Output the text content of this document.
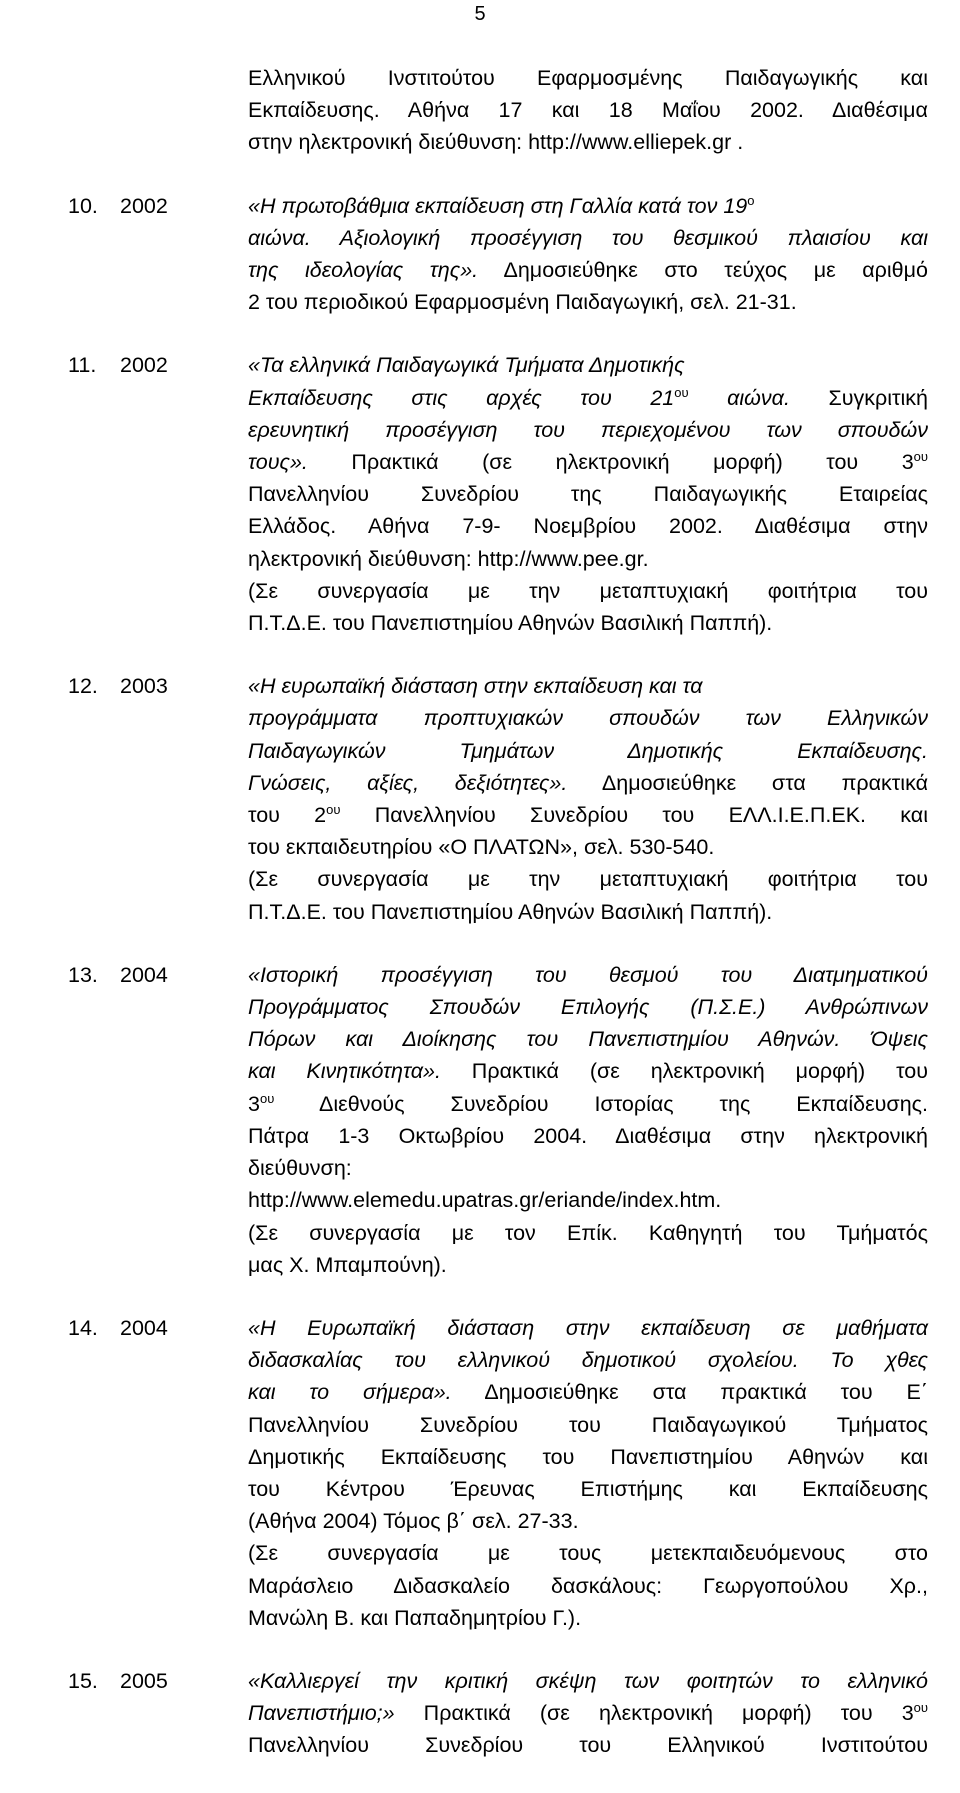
5
Ελληνικού Ινστιτούτου Εφαρμοσμένης Παιδαγωγικής και
Εκπαίδευσης. Αθήνα 17 και 18 Μαΐου 2002. Διαθέσιμα
στην ηλεκτρονική διεύθυνση: http://www.elliepek.gr .
10.	2002	«Η πρωτοβάθμια εκπαίδευση στη Γαλλία κατά τον $19^o$
αιώνα. Αξιολογική προσέγγιση του θεσμικού πλαισίου και
της ιδεολογίας της». Δημοσιεύθηκε στο τεύχος με αριθμό
2 του περιοδικού Εφαρμοσμένη Παιδαγωγική, σελ. 21-31.
11.	2002	«Τα ελληνικά Παιδαγωγικά Τμήματα Δημοτικής
Εκπαίδευσης στις αρχές του $21^{o\upsilon}$ αιώνα. Συγκριτική
ερευνητική προσέγγιση του περιεχομένου των σπουδών
τους». Πρακτικά (σε ηλεκτρονική μορφή) του $3^{o\upsilon}$
Πανελληνίου Συνεδρίου της Παιδαγωγικής Εταιρείας
Ελλάδος. Αθήνα 7-9- Νοεμβρίου 2002. Διαθέσιμα στην
ηλεκτρονική διεύθυνση: http://www.pee.gr.
(Σε συνεργασία με την μεταπτυχιακή φοιτήτρια του
Π.Τ.Δ.Ε. του Πανεπιστημίου Αθηνών Βασιλική Παππή).
12.	2003	«Η ευρωπαϊκή διάσταση στην εκπαίδευση και τα
προγράμματα προπτυχιακών σπουδών των Ελληνικών
Παιδαγωγικών Τμημάτων Δημοτικής Εκπαίδευσης.
Γνώσεις, αξίες, δεξιότητες». Δημοσιεύθηκε στα πρακτικά
του $2^{o\upsilon}$ Πανελληνίου Συνεδρίου του ΕΛΛ.Ι.Ε.Π.ΕΚ. και
του εκπαιδευτηρίου «Ο ΠΛΑΤΩΝ», σελ. 530-540.
(Σε συνεργασία με την μεταπτυχιακή φοιτήτρια του
Π.Τ.Δ.Ε. του Πανεπιστημίου Αθηνών Βασιλική Παππή).
13.	2004	«Ιστορική προσέγγιση του θεσμού του Διατμηματικού
Προγράμματος Σπουδών Επιλογής (Π.Σ.Ε.) Ανθρώπινων
Πόρων και Διοίκησης του Πανεπιστημίου Αθηνών. Όψεις
και Κινητικότητα». Πρακτικά (σε ηλεκτρονική μορφή) του
$3^{o\upsilon}$ Διεθνούς Συνεδρίου Ιστορίας της Εκπαίδευσης.
Πάτρα 1-3 Οκτωβρίου 2004. Διαθέσιμα στην ηλεκτρονική
διεύθυνση:
http://www.elemedu.upatras.gr/eriande/index.htm.
(Σε συνεργασία με τον Επίκ. Καθηγητή του Τμήματός
μας Χ. Μπαμπούνη).
14.	2004	«Η Ευρωπαϊκή διάσταση στην εκπαίδευση σε μαθήματα
διδασκαλίας του ελληνικού δημοτικού σχολείου. Το χθες
και το σήμερα». Δημοσιεύθηκε στα πρακτικά του Ε΄
Πανελληνίου Συνεδρίου του Παιδαγωγικού Τμήματος
Δημοτικής Εκπαίδευσης του Πανεπιστημίου Αθηνών και
του Κέντρου Έρευνας Επιστήμης και Εκπαίδευσης
(Αθήνα 2004) Τόμος β΄ σελ. 27-33.
(Σε συνεργασία με τους μετεκπαιδευόμενους στο
Μαράσλειο Διδασκαλείο δασκάλους: Γεωργοπούλου Χρ.,
Μανώλη Β. και Παπαδημητρίου Γ.).
15.	2005	«Καλλιεργεί την κριτική σκέψη των φοιτητών το ελληνικό
Πανεπιστήμιο;» Πρακτικά (σε ηλεκτρονική μορφή) του $3^{o\upsilon}$
Πανελληνίου Συνεδρίου του Ελληνικού Ινστιτούτου
